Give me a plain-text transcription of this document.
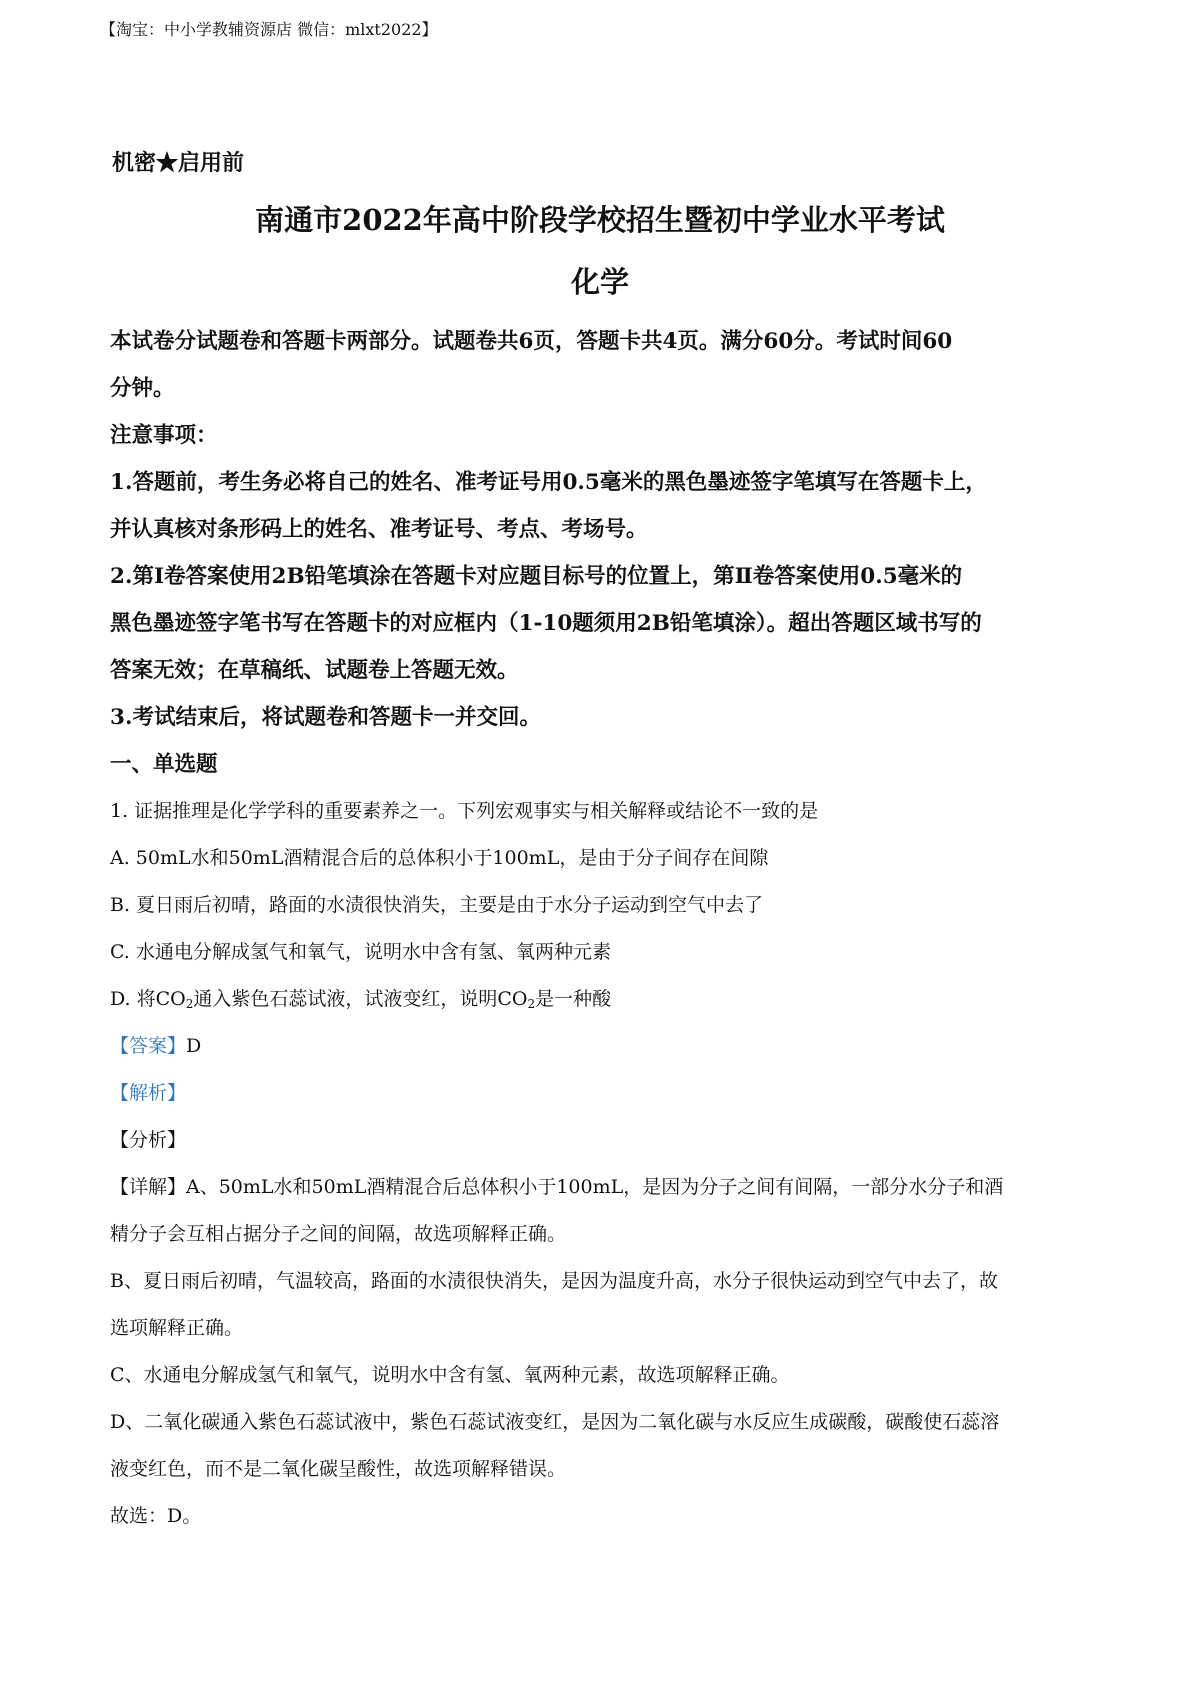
【淘宝：中小学教辅资源店 微信：mlxt2022】
机密★启用前
南通市2022年高中阶段学校招生暨初中学业水平考试
化学
本试卷分试题卷和答题卡两部分。试题卷共6页，答题卡共4页。满分60分。考试时间60
分钟。
注意事项：
1.答题前，考生务必将自己的姓名、准考证号用0.5毫米的黑色墨迹签字笔填写在答题卡上，
并认真核对条形码上的姓名、准考证号、考点、考场号。
2.第Ⅰ卷答案使用2B铅笔填涂在答题卡对应题目标号的位置上，第Ⅱ卷答案使用0.5毫米的
黑色墨迹签字笔书写在答题卡的对应框内（1-10题须用2B铅笔填涂）。超出答题区域书写的
答案无效；在草稿纸、试题卷上答题无效。
3.考试结束后，将试题卷和答题卡一并交回。
一、单选题
1. 证据推理是化学学科的重要素养之一。下列宏观事实与相关解释或结论不一致的是
A. 50mL水和50mL酒精混合后的总体积小于100mL，是由于分子间存在间隙
B. 夏日雨后初晴，路面的水渍很快消失，主要是由于水分子运动到空气中去了
C. 水通电分解成氢气和氧气，说明水中含有氢、氧两种元素
D. 将$CO_2$通入紫色石蕊试液，试液变红，说明$CO_2$是一种酸
【答案】D
【解析】
【分析】
【详解】A、50mL水和50mL酒精混合后总体积小于100mL，是因为分子之间有间隔，一部分水分子和酒
精分子会互相占据分子之间的间隔，故选项解释正确。
B、夏日雨后初晴，气温较高，路面的水渍很快消失，是因为温度升高，水分子很快运动到空气中去了，故
选项解释正确。
C、水通电分解成氢气和氧气，说明水中含有氢、氧两种元素，故选项解释正确。
D、二氧化碳通入紫色石蕊试液中，紫色石蕊试液变红，是因为二氧化碳与水反应生成碳酸，碳酸使石蕊溶
液变红色，而不是二氧化碳呈酸性，故选项解释错误。
故选：D。
